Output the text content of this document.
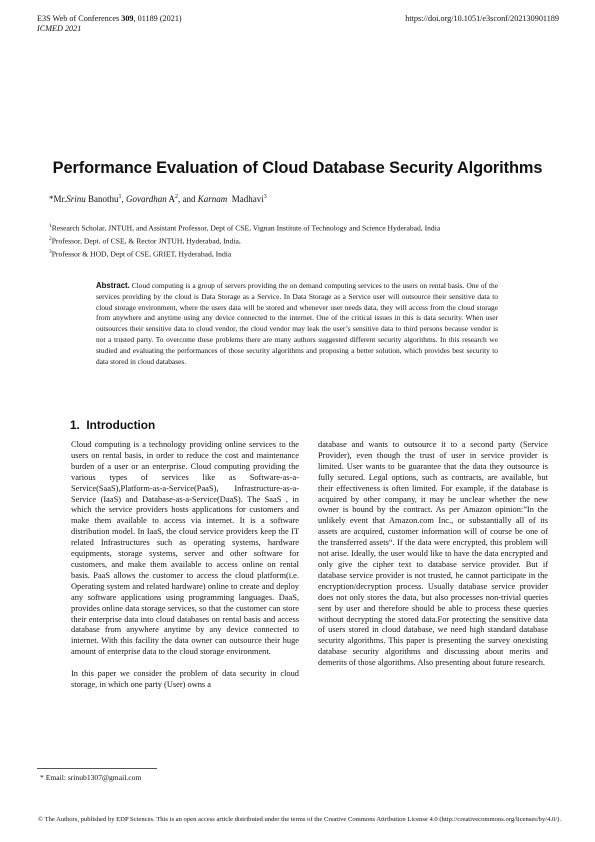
E3S Web of Conferences 309, 01189 (2021)
ICMED 2021
https://doi.org/10.1051/e3sconf/202130901189
Performance Evaluation of Cloud Database Security Algorithms
*Mr.Srinu Banothu$^1$, Govardhan $A^2$, and Karnam  Madhavi$^3$
$^1$Research Scholar, JNTUH, and Assistant Professor, Dept of CSE, Vignan Institute of Technology and Science Hyderabad, India
$^2$Professor, Dept. of CSE, & Rector JNTUH, Hyderabad, India,
$^3$Professor & HOD, Dept of CSE, GRIET, Hyderabad, India
Abstract. Cloud computing is a group of servers providing the on demand computing services to the users on rental basis. One of the services providing by the cloud is Data Storage as a Service. In Data Storage as a Service user will outsource their sensitive data to cloud storage environment, where the users data will be stored and whenever user needs data, they will access from the cloud storage from anywhere and anytime using any device connected to the internet. One of the critical issues in this is data security. When user outsources their sensitive data to cloud vendor, the cloud vendor may leak the user’s sensitive data to third persons because vendor is not a trusted party. To overcome these problems there are many authors suggested different security algorithms. In this research we studied and evaluating the performances of those security algorithms and proposing a better solution, which provides best security to data stored in cloud databases.
1. Introduction

Cloud computing is a technology providing online services to the users on rental basis, in order to reduce the cost and maintenance burden of a user or an enterprise. Cloud computing providing the various types of services like as Software-as-a-Service(SaaS),Platform-as-a-Service(PaaS), Infrastructure-as-a-Service (IaaS) and Database-as-a-Service(DaaS). The SaaS , in which the service providers hosts applications for customers and make them available to access via internet. It is a software distribution model. In IaaS, the cloud service providers keep the IT related Infrastructures such as operating systems, hardware equipments, storage systems, server and other software for customers, and make them available to access online on rental basis. PaaS allows the customer to access the cloud platform(i.e. Operating system and related hardware) online to create and deploy any software applications using programming languages. DaaS, provides online data storage services, so that the customer can store their enterprise data into cloud databases on rental basis and access database from anywhere anytime by any device connected to internet. With this facility the data owner can outsource their huge amount of enterprise data to the cloud storage environment.

In this paper we consider the problem of data security in cloud storage, in which one party (User) owns a

database and wants to outsource it to a second party (Service Provider), even though the trust of user in service provider is limited. User wants to be guarantee that the data they outsource is fully secured. Legal options, such as contracts, are available, but their effectiveness is often limited. For example, if the database is acquired by other company, it may be unclear whether the new owner is bound by the contract. As per Amazon opinion:”In the unlikely event that Amazon.com Inc., or substantially all of its assets are acquired, customer information will of course be one of the transferred assets“. If the data were encrypted, this problem will not arise. Ideally, the user would like to have the data encrypted and only give the cipher text to database service provider. But if database service provider is not trusted, he cannot participate in the encryption/decryption process. Usually database service provider does not only stores the data, but also processes non-trivial queries sent by user and therefore should be able to process these queries without decrypting the stored data.For protecting the sensitive data of users stored in cloud database, we need high standard database security algorithms. This paper is presenting the survey onexisting database security algorithms and discussing about merits and demerits of those algorithms. Also presenting about future research.

* Email: srinub1307@gmail.com
© The Authors, published by EDP Sciences. This is an open access article distributed under the terms of the Creative Commons Attribution License 4.0 (http://creativecommons.org/licenses/by/4.0/).
